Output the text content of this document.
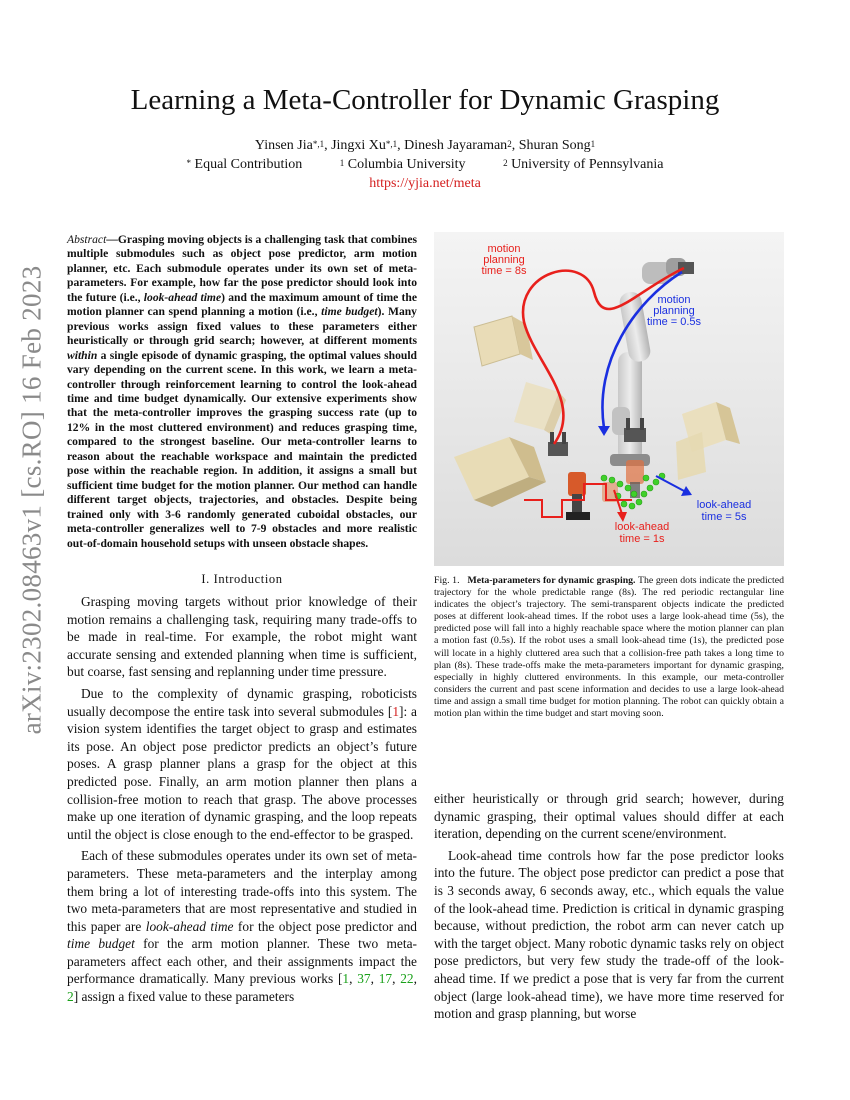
arXiv:2302.08463v1 [cs.RO] 16 Feb 2023
Learning a Meta-Controller for Dynamic Grasping
Yinsen Jia$^{*,1}$, Jingxi $Xu^{*,1}$, Dinesh Jayaraman$^2$, Shuran Song$^1$
* Equal Contribution	$^1$ Columbia University	$^2$ University of Pennsylvania
https://yjia.net/meta
Abstract—Grasping moving objects is a challenging task that combines multiple submodules such as object pose predictor, arm motion planner, etc. Each submodule operates under its own set of meta-parameters. For example, how far the pose predictor should look into the future (i.e., look-ahead time) and the maximum amount of time the motion planner can spend planning a motion (i.e., time budget). Many previous works assign fixed values to these parameters either heuristically or through grid search; however, at different moments within a single episode of dynamic grasping, the optimal values should vary depending on the current scene. In this work, we learn a meta-controller through reinforcement learning to control the look-ahead time and time budget dynamically. Our extensive experiments show that the meta-controller improves the grasping success rate (up to 12% in the most cluttered environment) and reduces grasping time, compared to the strongest baseline. Our meta-controller learns to reason about the reachable workspace and maintain the predicted pose within the reachable region. In addition, it assigns a small but sufficient time budget for the motion planner. Our method can handle different target objects, trajectories, and obstacles. Despite being trained only with 3-6 randomly generated cuboidal obstacles, our meta-controller generalizes well to 7-9 obstacles and more realistic out-of-domain household setups with unseen obstacle shapes.
I. Introduction

Grasping moving targets without prior knowledge of their motion remains a challenging task, requiring many trade-offs to be made in real-time. For example, the robot might want accurate sensing and extended planning when time is sufficient, but coarse, fast sensing and replanning under time pressure.

Due to the complexity of dynamic grasping, roboticists usually decompose the entire task into several submodules [1]: a vision system identifies the target object to grasp and estimates its pose. An object pose predictor predicts an object’s future poses. A grasp planner plans a grasp for the object at this predicted pose. Finally, an arm motion planner then plans a collision-free motion to reach that grasp. The above processes make up one iteration of dynamic grasping, and the loop repeats until the object is close enough to the end-effector to be grasped.

Each of these submodules operates under its own set of meta-parameters. These meta-parameters and the interplay among them bring a lot of interesting trade-offs into this system. The two meta-parameters that are most representative and studied in this paper are look-ahead time for the object pose predictor and time budget for the arm motion planner. These two meta-parameters affect each other, and their assignments impact the performance dramatically. Many previous works [1, 37, 17, 22, 2] assign a fixed value to these parameters

motion
planning
time = 8s
motion
planning
time = 0.5s
look-ahead
time = 5s
look-ahead
time = 1s
Fig. 1. Meta-parameters for dynamic grasping. The green dots indicate the predicted trajectory for the whole predictable range (8s). The red periodic rectangular line indicates the object’s trajectory. The semi-transparent objects indicate the predicted poses at different look-ahead times. If the robot uses a large look-ahead time (5s), the predicted pose will fall into a highly reachable space where the motion planner can plan a motion fast (0.5s). If the robot uses a small look-ahead time (1s), the predicted pose will locate in a highly cluttered area such that a collision-free path takes a long time to plan (8s). These trade-offs make the meta-parameters important for dynamic grasping, especially in highly cluttered environments. In this example, our meta-controller considers the current and past scene information and decides to use a large look-ahead time and assign a small time budget for motion planning. The robot can quickly obtain a motion plan within the time budget and start moving soon.

either heuristically or through grid search; however, during dynamic grasping, their optimal values should differ at each iteration, depending on the current scene/environment.

Look-ahead time controls how far the pose predictor looks into the future. The object pose predictor can predict a pose that is 3 seconds away, 6 seconds away, etc., which equals the value of the look-ahead time. Prediction is critical in dynamic grasping because, without prediction, the robot arm can never catch up with the target object. Many robotic dynamic tasks rely on object pose predictors, but very few study the trade-off of the look-ahead time. If we predict a pose that is very far from the current object (large look-ahead time), we have more time reserved for motion and grasp planning, but worse
